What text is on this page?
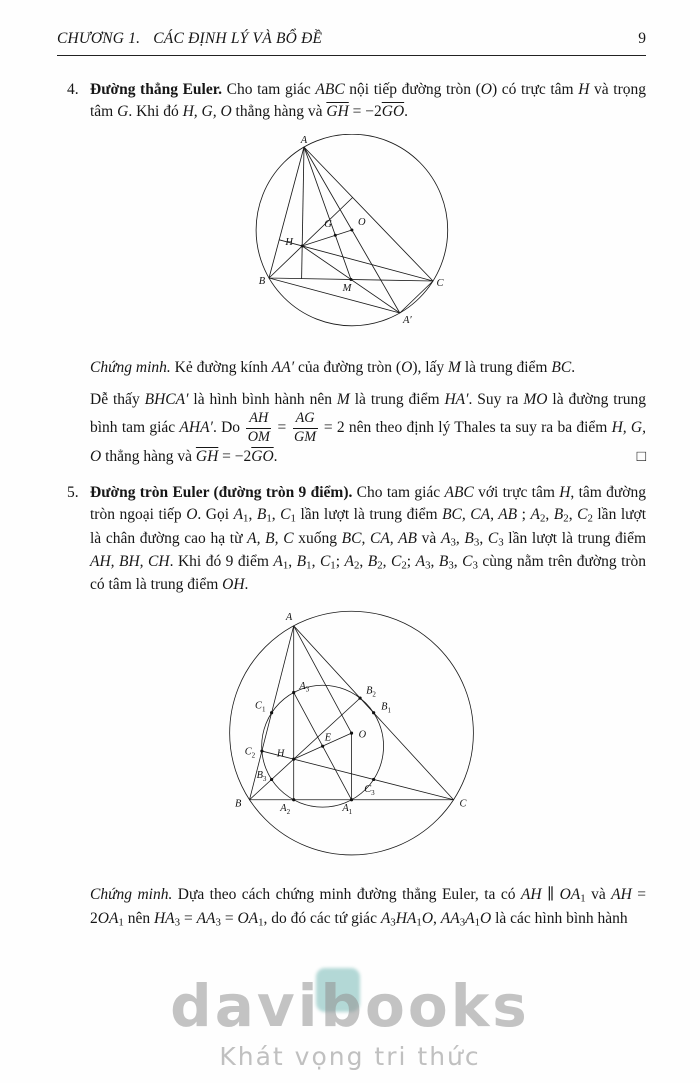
CHƯƠNG 1. CÁC ĐỊNH LÝ VÀ BỔ ĐỀ	9
4. Đường thẳng Euler. Cho tam giác ABC nội tiếp đường tròn (O) có trực tâm H và trọng tâm G. Khi đó H, G, O thẳng hàng và $\overline{GH} = -2\overline{GO}$.
A
B	C
A′
M
H
G O
Chứng minh. Kẻ đường kính AA′ của đường tròn (O), lấy M là trung điểm BC.
Dễ thấy BHCA′ là hình bình hành nên M là trung điểm HA′. Suy ra MO là đường trung bình tam giác AHA′. Do $\frac{AH}{OM} = \frac{AG}{GM} = 2$ nên theo định lý Thales ta suy ra ba điểm H, G, O thẳng hàng và $\overline{GH} = -2\overline{GO}$.	□
5. Đường tròn Euler (đường tròn 9 điểm). Cho tam giác ABC với trực tâm H, tâm đường tròn ngoại tiếp O. Gọi A1, B1, C1 lần lượt là trung điểm BC, CA, AB ; A2, B2, C2 lần lượt là chân đường cao hạ từ A, B, C xuống BC, CA, AB và A3, B3, C3 lần lượt là trung điểm AH, BH, CH. Khi đó 9 điểm A1, B1, C1; A2, B2, C2; A3, B3, C3 cùng nằm trên đường tròn có tâm là trung điểm OH.
A
B	C
H
E	O
$A_3$	$B_2$
$B_1$
$C_1$
$C_2$
$B_3$
$C_3$
$A_2$	$A_1$
Chứng minh. Dựa theo cách chứng minh đường thẳng Euler, ta có AH ∥ OA1 và AH = 2OA1 nên HA3 = AA3 = OA1, do đó các tứ giác A3HA1O, AA3A1O là các hình bình hành
davibooks
Khát vọng tri thức
